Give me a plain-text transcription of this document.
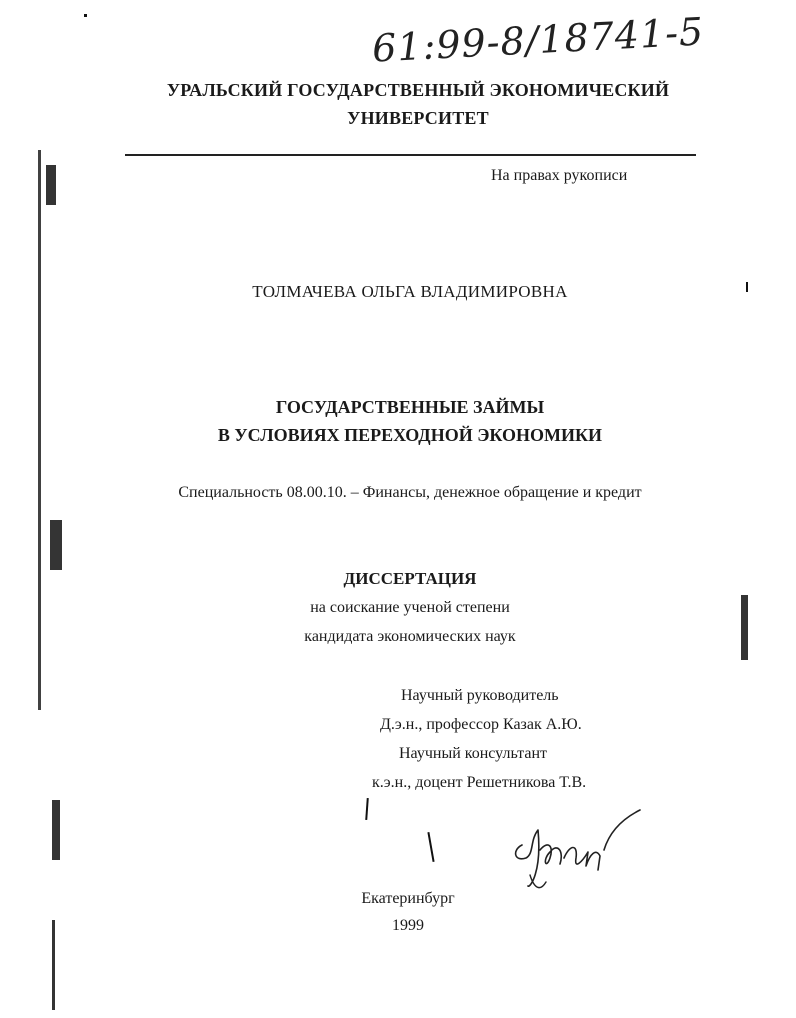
61:99-8/18741-5
УРАЛЬСКИЙ ГОСУДАРСТВЕННЫЙ ЭКОНОМИЧЕСКИЙ
УНИВЕРСИТЕТ
На правах рукописи
ТОЛМАЧЕВА ОЛЬГА ВЛАДИМИРОВНА
ГОСУДАРСТВЕННЫЕ ЗАЙМЫ
В УСЛОВИЯХ ПЕРЕХОДНОЙ ЭКОНОМИКИ
Специальность 08.00.10. – Финансы, денежное обращение и кредит
ДИССЕРТАЦИЯ
на соискание ученой степени
кандидата экономических наук
Научный руководитель
Д.э.н., профессор Казак А.Ю.
Научный консультант
к.э.н., доцент Решетникова Т.В.
Екатеринбург
1999
